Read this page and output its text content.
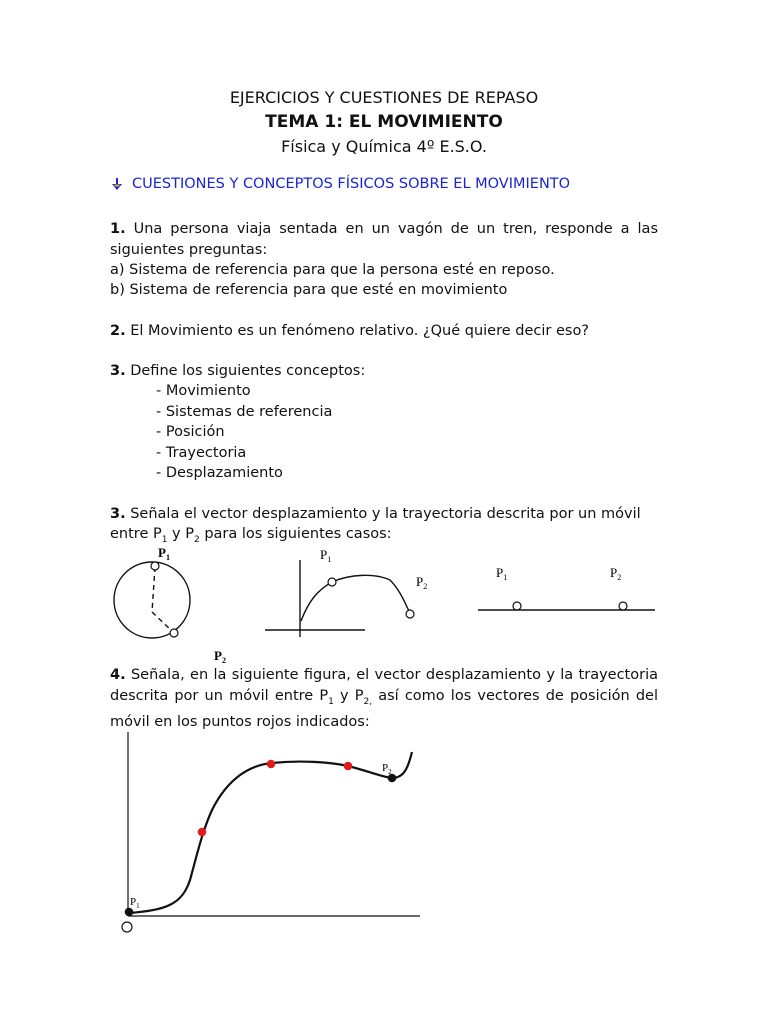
EJERCICIOS Y CUESTIONES DE REPASO
TEMA 1: EL MOVIMIENTO
Física y Química 4º E.S.O.
CUESTIONES Y CONCEPTOS FÍSICOS SOBRE EL MOVIMIENTO
1. Una persona viaja sentada en un vagón de un tren, responde a las siguientes preguntas:
a) Sistema de referencia para que la persona esté en reposo.
b) Sistema de referencia para que esté en movimiento
2. El Movimiento es un fenómeno relativo. ¿Qué quiere decir eso?
3. Define los siguientes conceptos:
- Movimiento
- Sistemas de referencia
- Posición
- Trayectoria
- Desplazamiento
3. Señala el vector desplazamiento y la trayectoria descrita por un móvil
entre $P_1$ y $P_2$ para los siguientes casos:
$P_1$
$P_2$
$P_1$
$P_2$
$P_1$	$P_2$
4. Señala, en la siguiente figura, el vector desplazamiento y la trayectoria descrita por un móvil entre $P_1$ y $P_{2,}$ así como los vectores de posición del móvil en los puntos rojos indicados:
$P_2$
$P_1$
